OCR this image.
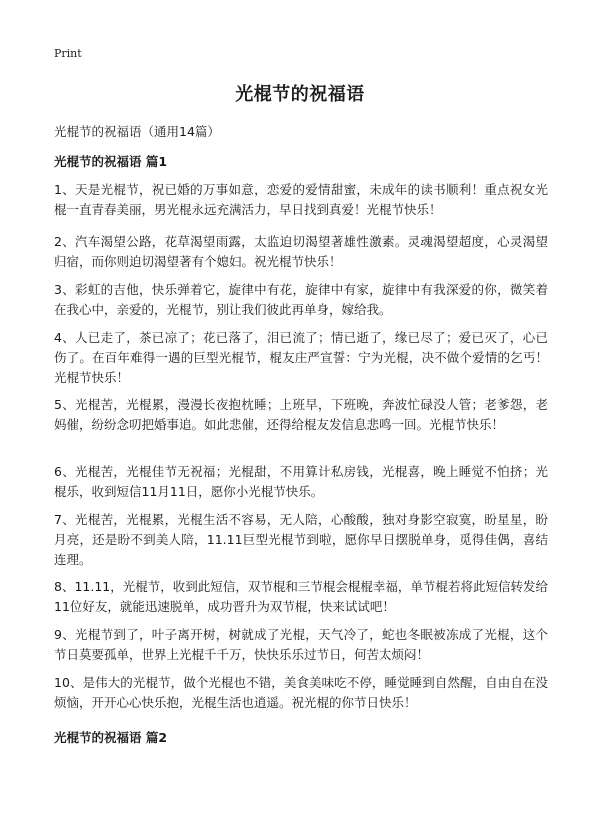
Print
光棍节的祝福语
光棍节的祝福语（通用14篇）
光棍节的祝福语 篇1
1、天是光棍节，祝已婚的万事如意，恋爱的爱情甜蜜，未成年的读书顺利！重点祝女光棍一直青春美丽，男光棍永远充满活力，早日找到真爱！光棍节快乐！
2、汽车渴望公路，花草渴望雨露，太监迫切渴望著雄性激素。灵魂渴望超度，心灵渴望归宿，而你则迫切渴望著有个媳妇。祝光棍节快乐！
3、彩虹的吉他，快乐弹着它，旋律中有花，旋律中有家，旋律中有我深爱的你，微笑着在我心中，亲爱的，光棍节，别让我们彼此再单身，嫁给我。
4、人已走了，茶已凉了；花已落了，泪已流了；情已逝了，缘已尽了；爱已灭了，心已伤了。在百年难得一遇的巨型光棍节，棍友庄严宣誓：宁为光棍，决不做个爱情的乞丐！光棍节快乐！
5、光棍苦，光棍累，漫漫长夜抱枕睡；上班早，下班晚，奔波忙碌没人管；老爹怨，老妈催，纷纷念叨把婚事追。如此悲催，还得给棍友发信息悲鸣一回。光棍节快乐！
6、光棍苦，光棍佳节无祝福；光棍甜，不用算计私房钱，光棍喜，晚上睡觉不怕挤；光棍乐，收到短信11月11日，愿你小光棍节快乐。
7、光棍苦，光棍累，光棍生活不容易，无人陪，心酸酸，独对身影空寂寞，盼星星，盼月亮，还是盼不到美人陪，11.11巨型光棍节到啦，愿你早日摆脱单身，觅得佳偶，喜结连理。
8、11.11，光棍节，收到此短信，双节棍和三节棍会棍棍幸福，单节棍若将此短信转发给11位好友，就能迅速脱单，成功晋升为双节棍，快来试试吧！
9、光棍节到了，叶子离开树，树就成了光棍，天气冷了，蛇也冬眠被冻成了光棍，这个节日莫要孤单，世界上光棍千千万，快快乐乐过节日，何苦太烦闷！
10、是伟大的光棍节，做个光棍也不错，美食美味吃不停，睡觉睡到自然醒，自由自在没烦恼，开开心心快乐抱，光棍生活也逍遥。祝光棍的你节日快乐！
光棍节的祝福语 篇2
